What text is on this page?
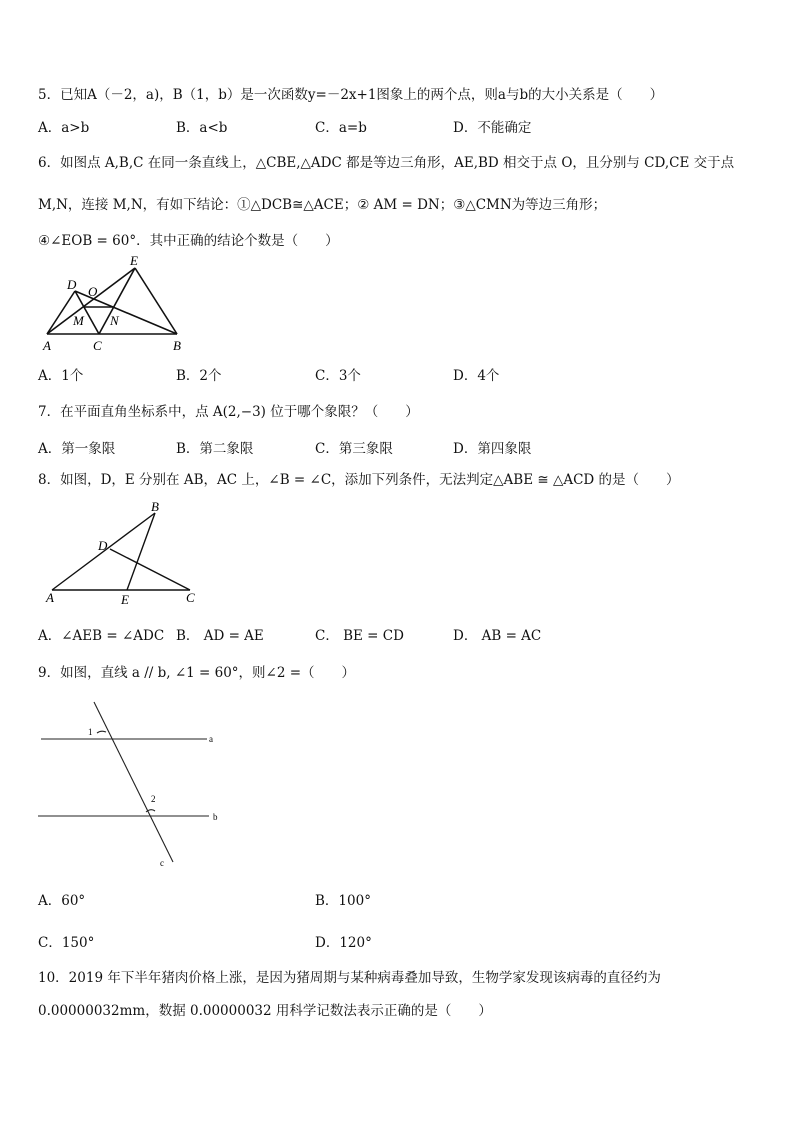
5．已知A（－2，a)，B（1，b）是一次函数y=－2x+1图象上的两个点，则a与b的大小关系是（　　）
A．a>b	B．a<b	C．a=b	D．不能确定
6．如图点 A,B,C 在同一条直线上，△CBE,△ADC 都是等边三角形，AE,BD 相交于点 O，且分别与 CD,CE 交于点
M,N，连接 M,N，有如下结论：①△DCB≅△ACE；② AM = DN；③△CMN为等边三角形；
④∠EOB = 60°．其中正确的结论个数是（　　）
E
D O
M N
A	C	B
A．1个	B．2个	C．3个	D．4个
7．在平面直角坐标系中，点 A(2,−3) 位于哪个象限？（　　）
A．第一象限	B．第二象限	C．第三象限	D．第四象限
8．如图，D，E 分别在 AB，AC 上，∠B = ∠C，添加下列条件，无法判定△ABE ≅ △ACD 的是（　　）
B
D
A	E	C
A．∠AEB = ∠ADC B． AD = AE	C． BE = CD	D． AB = AC
9．如图，直线 a // b, ∠1 = 60°，则∠2 =（　　）
1
2
a
b
c
A．60°	B．100°
C．150°	D．120°
10．2019 年下半年猪肉价格上涨，是因为猪周期与某种病毒叠加导致，生物学家发现该病毒的直径约为
0.00000032mm，数据 0.00000032 用科学记数法表示正确的是（　　）
